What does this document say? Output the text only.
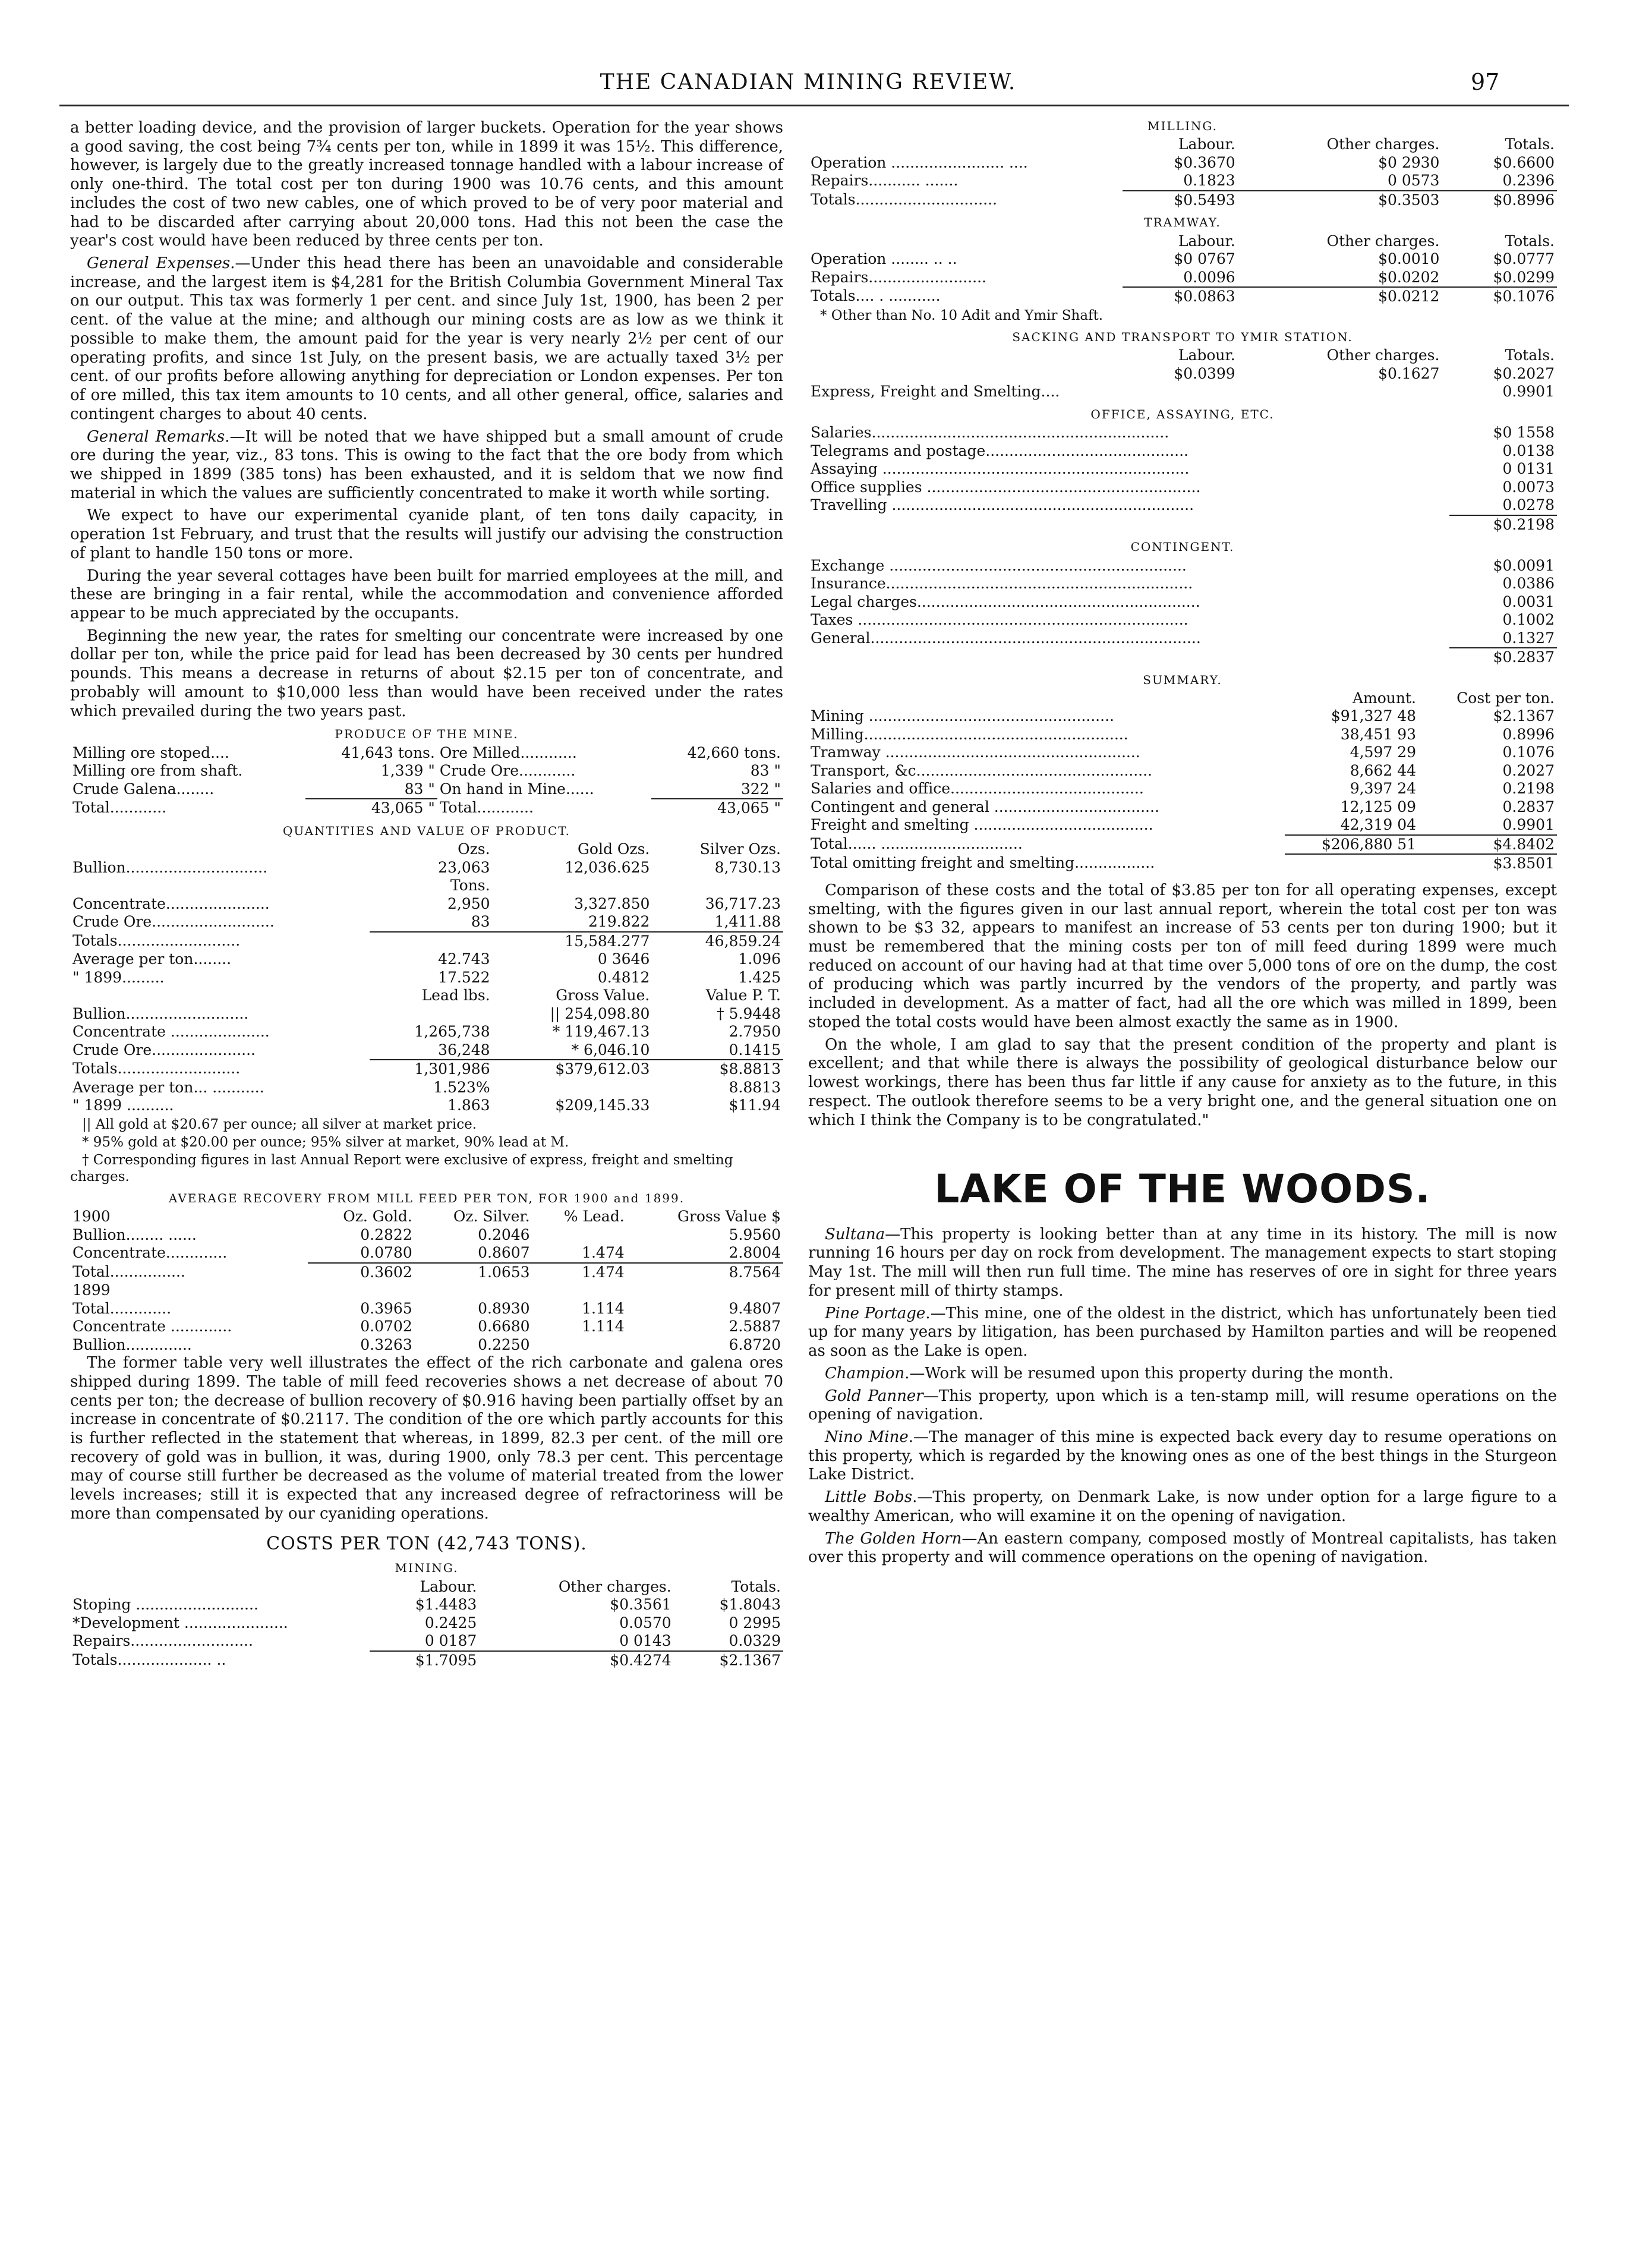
THE CANADIAN MINING REVIEW.	97

a better loading device, and the provision of larger buckets. Operation for the year shows a good saving, the cost being 7¾ cents per ton, while in 1899 it was 15½. This difference, however, is largely due to the greatly increased tonnage handled with a labour increase of only one-third. The total cost per ton during 1900 was 10.76 cents, and this amount includes the cost of two new cables, one of which proved to be of very poor material and had to be discarded after carrying about 20,000 tons. Had this not been the case the year's cost would have been reduced by three cents per ton.

General Expenses.—Under this head there has been an unavoidable and considerable increase, and the largest item is $4,281 for the British Columbia Government Mineral Tax on our output. This tax was formerly 1 per cent. and since July 1st, 1900, has been 2 per cent. of the value at the mine; and although our mining costs are as low as we think it possible to make them, the amount paid for the year is very nearly 2½ per cent of our operating profits, and since 1st July, on the present basis, we are actually taxed 3½ per cent. of our profits before allowing anything for depreciation or London expenses. Per ton of ore milled, this tax item amounts to 10 cents, and all other general, office, salaries and contingent charges to about 40 cents.

General Remarks.—It will be noted that we have shipped but a small amount of crude ore during the year, viz., 83 tons. This is owing to the fact that the ore body from which we shipped in 1899 (385 tons) has been exhausted, and it is seldom that we now find material in which the values are sufficiently concentrated to make it worth while sorting.

We expect to have our experimental cyanide plant, of ten tons daily capacity, in operation 1st February, and trust that the results will justify our advising the construction of plant to handle 150 tons or more.

During the year several cottages have been built for married employees at the mill, and these are bringing in a fair rental, while the accommodation and convenience afforded appear to be much appreciated by the occupants.

Beginning the new year, the rates for smelting our concentrate were increased by one dollar per ton, while the price paid for lead has been decreased by 30 cents per hundred pounds. This means a decrease in returns of about $2.15 per ton of concentrate, and probably will amount to $10,000 less than would have been received under the rates which prevailed during the two years past.

PRODUCE OF THE MINE.
Milling ore stoped....	41,643 tons.	Ore Milled............	42,660 tons.
Milling ore from shaft.	1,339 "	Crude Ore............	83 "
Crude Galena........	83 "	On hand in Mine......	322 "
Total............	43,065 "	Total............	43,065 "
QUANTITIES AND VALUE OF PRODUCT.
	Ozs.	Gold Ozs.	Silver Ozs.
Bullion..............................	23,063	12,036.625	8,730.13
	Tons.		
Concentrate......................	2,950	3,327.850	36,717.23
Crude Ore..........................	83	219.822	1,411.88
Totals..........................		15,584.277	46,859.24
Average per ton........	42.743	0 3646	1.096
" 1899.........	17.522	0.4812	1.425
	Lead lbs.	Gross Value.	Value P. T.
Bullion..........................		|| 254,098.80	† 5.9448
Concentrate .....................	1,265,738	* 119,467.13	2.7950
Crude Ore......................	36,248	* 6,046.10	0.1415
Totals..........................	1,301,986	$379,612.03	$8.8813
Average per ton... ...........	1.523%		8.8813
" 1899 ..........	1.863	$209,145.33	$11.94
|| All gold at $20.67 per ounce; all silver at market price.
* 95% gold at $20.00 per ounce; 95% silver at market, 90% lead at M.
† Corresponding figures in last Annual Report were exclusive of express, freight and smelting charges.
AVERAGE RECOVERY FROM MILL FEED PER TON, FOR 1900 and 1899.
1900	Oz. Gold.	Oz. Silver.	% Lead.	Gross Value $
Bullion........ ......	0.2822	0.2046		5.9560
Concentrate.............	0.0780	0.8607	1.474	2.8004
Total................	0.3602	1.0653	1.474	8.7564
1899				
Total.............	0.3965	0.8930	1.114	9.4807
Concentrate .............	0.0702	0.6680	1.114	2.5887
Bullion..............	0.3263	0.2250		6.8720

The former table very well illustrates the effect of the rich carbonate and galena ores shipped during 1899. The table of mill feed recoveries shows a net decrease of about 70 cents per ton; the decrease of bullion recovery of $0.916 having been partially offset by an increase in concentrate of $0.2117. The condition of the ore which partly accounts for this is further reflected in the statement that whereas, in 1899, 82.3 per cent. of the mill ore recovery of gold was in bullion, it was, during 1900, only 78.3 per cent. This percentage may of course still further be decreased as the volume of material treated from the lower levels increases; still it is expected that any increased degree of refractoriness will be more than compensated by our cyaniding operations.

COSTS PER TON (42,743 TONS).
MINING.
	Labour.	Other charges.	Totals.
Stoping ..........................	$1.4483	$0.3561	$1.8043
*Development ......................	0.2425	0.0570	0 2995
Repairs..........................	0 0187	0 0143	0.0329
Totals.................... ..	$1.7095	$0.4274	$2.1367
MILLING.
	Labour.	Other charges.	Totals.
Operation ........................ ....	$0.3670	$0 2930	$0.6600
Repairs........... .......	0.1823	0 0573	0.2396
Totals..............................	$0.5493	$0.3503	$0.8996
TRAMWAY.
	Labour.	Other charges.	Totals.
Operation ........ .. ..	$0 0767	$0.0010	$0.0777
Repairs.........................	0.0096	$0.0202	$0.0299
Totals.... . ...........	$0.0863	$0.0212	$0.1076
* Other than No. 10 Adit and Ymir Shaft.
SACKING AND TRANSPORT TO YMIR STATION.
	Labour.	Other charges.	Totals.
	$0.0399	$0.1627	$0.2027
Express, Freight and Smelting....			0.9901
OFFICE, ASSAYING, ETC.
Salaries...............................................................	$0 1558
Telegrams and postage...........................................	0.0138
Assaying .................................................................	0 0131
Office supplies ..........................................................	0.0073
Travelling ................................................................	0.0278
	$0.2198
CONTINGENT.
Exchange ...............................................................	$0.0091
Insurance.................................................................	0.0386
Legal charges............................................................	0.0031
Taxes ......................................................................	0.1002
General......................................................................	0.1327
	$0.2837
SUMMARY.
	Amount.	Cost per ton.
Mining ....................................................	$91,327 48	$2.1367
Milling........................................................	38,451 93	0.8996
Tramway ......................................................	4,597 29	0.1076
Transport, &c..................................................	8,662 44	0.2027
Salaries and office.........................................	9,397 24	0.2198
Contingent and general ...................................	12,125 09	0.2837
Freight and smelting ......................................	42,319 04	0.9901
Total...... ..............................	$206,880 51	$4.8402
Total omitting freight and smelting.................		$3.8501

Comparison of these costs and the total of $3.85 per ton for all operating expenses, except smelting, with the figures given in our last annual report, wherein the total cost per ton was shown to be $3 32, appears to manifest an increase of 53 cents per ton during 1900; but it must be remembered that the mining costs per ton of mill feed during 1899 were much reduced on account of our having had at that time over 5,000 tons of ore on the dump, the cost of producing which was partly incurred by the vendors of the property, and partly was included in development. As a matter of fact, had all the ore which was milled in 1899, been stoped the total costs would have been almost exactly the same as in 1900.

On the whole, I am glad to say that the present condition of the property and plant is excellent; and that while there is always the possibility of geological disturbance below our lowest workings, there has been thus far little if any cause for anxiety as to the future, in this respect. The outlook therefore seems to be a very bright one, and the general situation one on which I think the Company is to be congratulated."

LAKE OF THE WOODS.

Sultana—This property is looking better than at any time in its history. The mill is now running 16 hours per day on rock from development. The management expects to start stoping May 1st. The mill will then run full time. The mine has reserves of ore in sight for three years for present mill of thirty stamps.

Pine Portage.—This mine, one of the oldest in the district, which has unfortunately been tied up for many years by litigation, has been purchased by Hamilton parties and will be reopened as soon as the Lake is open.

Champion.—Work will be resumed upon this property during the month.

Gold Panner—This property, upon which is a ten-stamp mill, will resume operations on the opening of navigation.

Nino Mine.—The manager of this mine is expected back every day to resume operations on this property, which is regarded by the knowing ones as one of the best things in the Sturgeon Lake District.

Little Bobs.—This property, on Denmark Lake, is now under option for a large figure to a wealthy American, who will examine it on the opening of navigation.

The Golden Horn—An eastern company, composed mostly of Montreal capitalists, has taken over this property and will commence operations on the opening of navigation.
